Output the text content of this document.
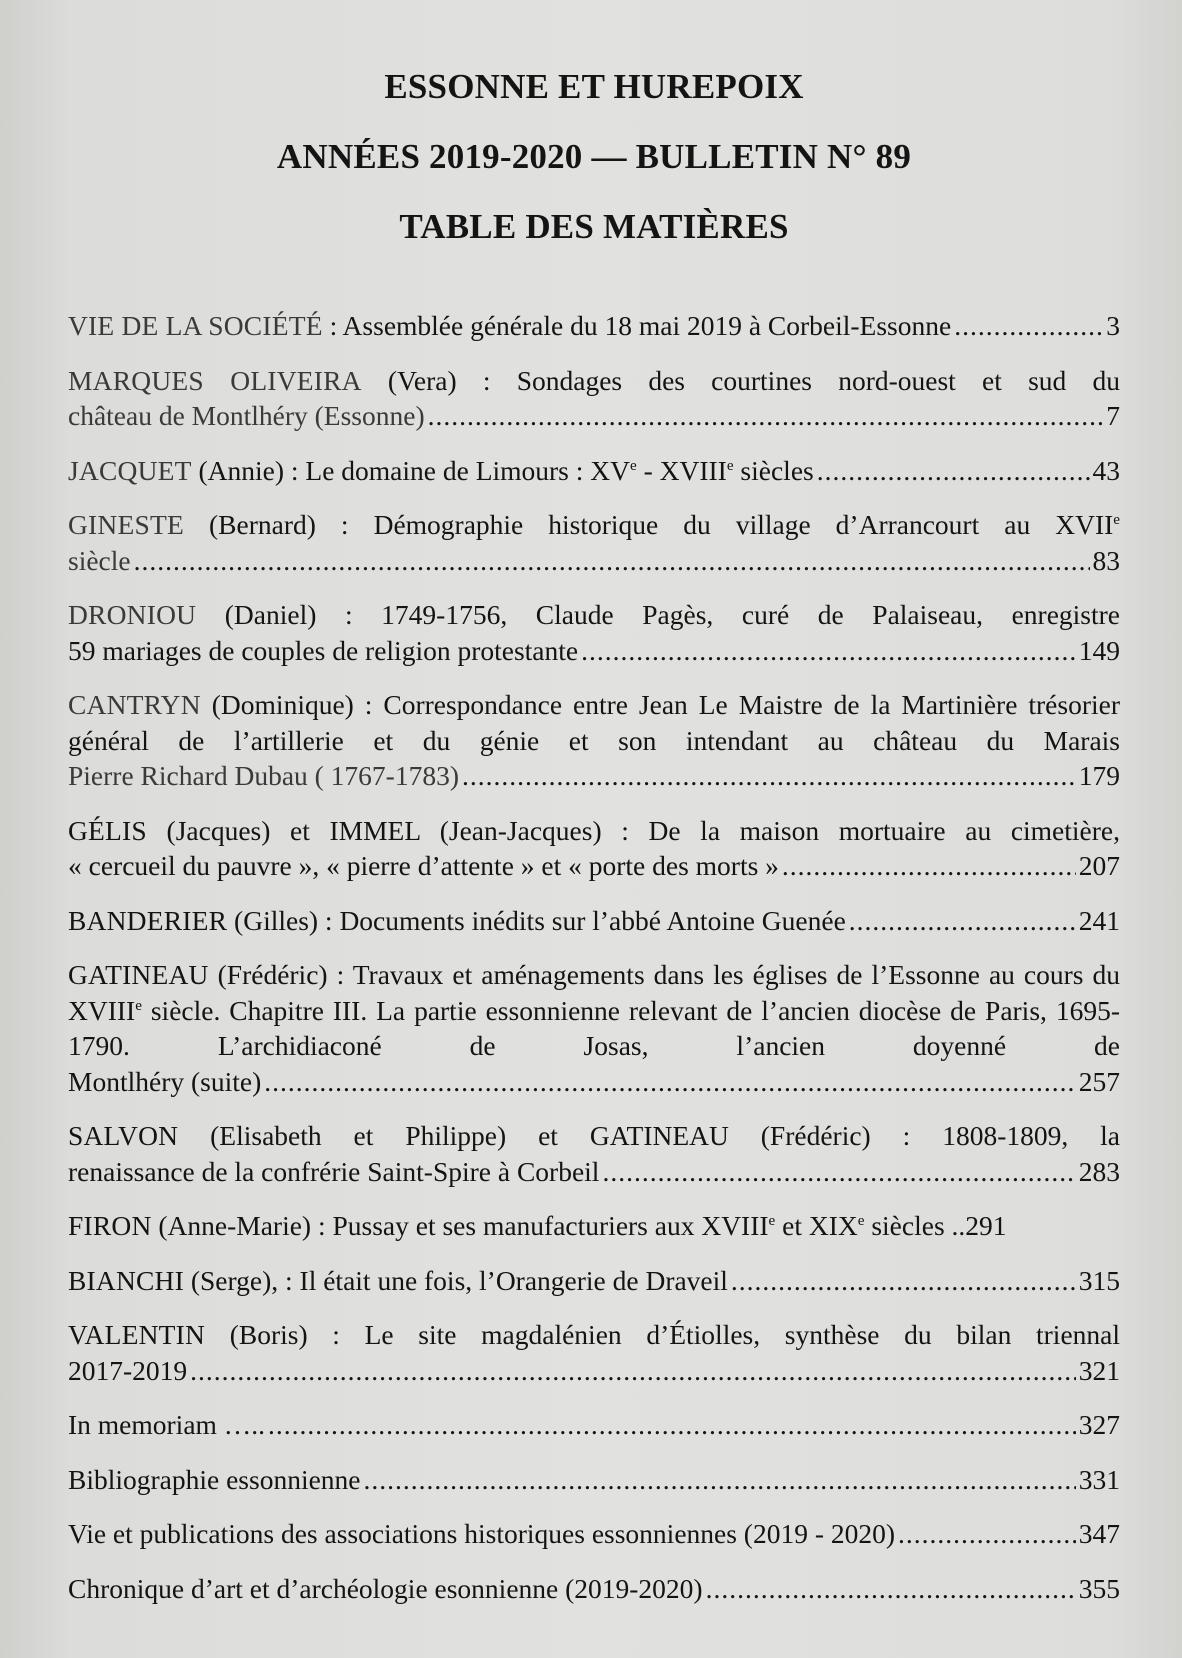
ESSONNE ET HUREPOIX
ANNÉES 2019-2020 — BULLETIN N° 89
TABLE DES MATIÈRES
VIE DE LA SOCIÉTÉ : Assemblée générale du 18 mai 2019 à Corbeil-Essonne .....	3
MARQUES OLIVEIRA (Vera) : Sondages des courtines nord-ouest et sud du
château de Montlhéry (Essonne) .....	7
JACQUET (Annie) : Le domaine de Limours : XVe - XVIIIe siècles .....	43
GINESTE (Bernard) : Démographie historique du village d’Arrancourt au XVIIe
siècle .....	83
DRONIOU (Daniel) : 1749-1756, Claude Pagès, curé de Palaiseau, enregistre
59 mariages de couples de religion protestante .....	149
CANTRYN (Dominique) : Correspondance entre Jean Le Maistre de la Martinière trésorier général de l’artillerie et du génie et son intendant au château du Marais
Pierre Richard Dubau ( 1767-1783) .....	179
GÉLIS (Jacques) et IMMEL (Jean-Jacques) : De la maison mortuaire au cimetière,
« cercueil du pauvre », « pierre d’attente » et « porte des morts » .....	207
BANDERIER (Gilles) : Documents inédits sur l’abbé Antoine Guenée .....	241
GATINEAU (Frédéric) : Travaux et aménagements dans les églises de l’Essonne au cours du XVIIIe siècle. Chapitre III. La partie essonnienne relevant de l’ancien diocèse de Paris, 1695-1790. L’archidiaconé de Josas, l’ancien doyenné de
Montlhéry (suite) .....	257
SALVON (Elisabeth et Philippe) et GATINEAU (Frédéric) : 1808-1809, la
renaissance de la confrérie Saint-Spire à Corbeil .....	283
FIRON (Anne-Marie) : Pussay et ses manufacturiers aux XVIIIe et XIXe siècles .. 291
BIANCHI (Serge), : Il était une fois, l’Orangerie de Draveil .....	315
VALENTIN (Boris) : Le site magdalénien d’Étiolles, synthèse du bilan triennal
2017-2019 .....	321
In memoriam ….. .....	327
Bibliographie essonnienne .....	331
Vie et publications des associations historiques essonniennes (2019 - 2020) .....	347
Chronique d’art et d’archéologie esonnienne (2019-2020) .....	355
